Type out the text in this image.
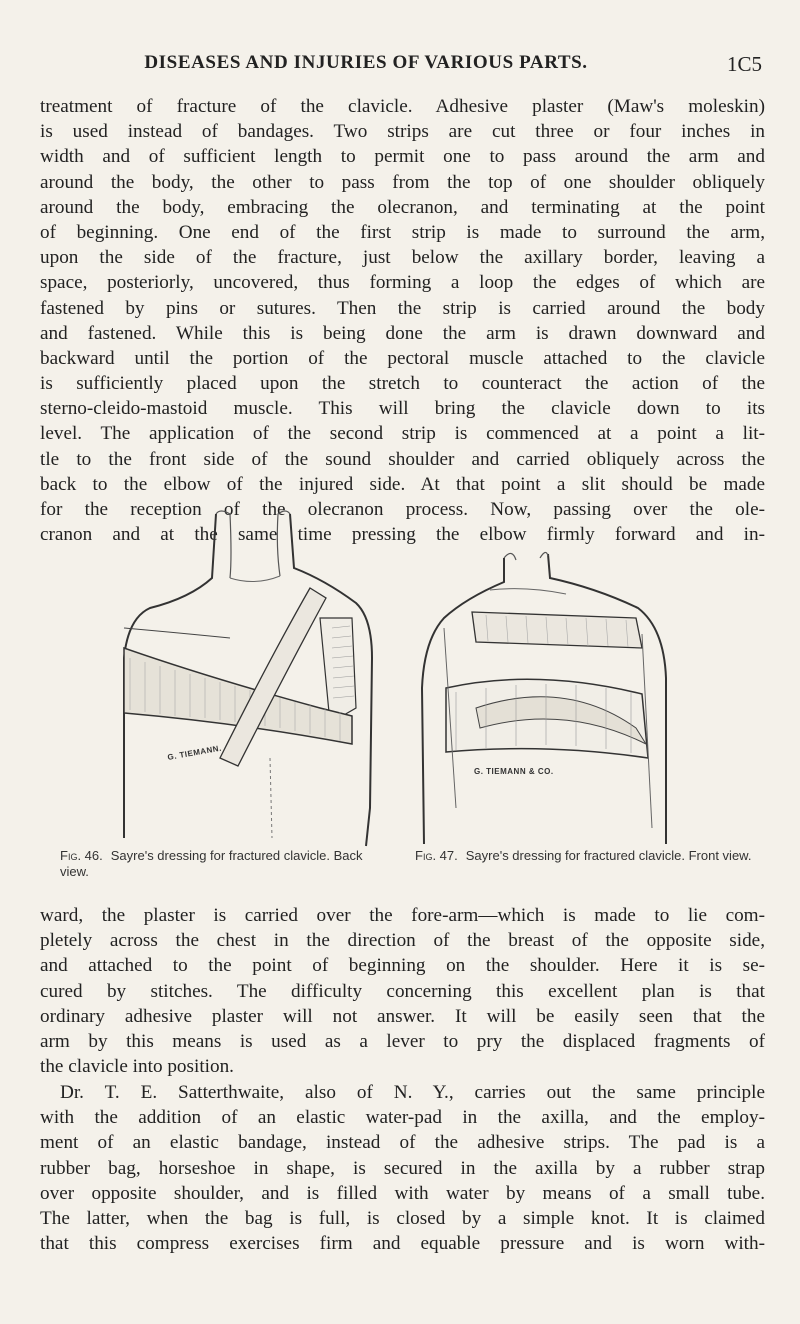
DISEASES AND INJURIES OF VARIOUS PARTS.	1C5
treatment of fracture of the clavicle. Adhesive plaster (Maw's moleskin)
is used instead of bandages. Two strips are cut three or four inches in
width and of sufficient length to permit one to pass around the arm and
around the body, the other to pass from the top of one shoulder obliquely
around the body, embracing the olecranon, and terminating at the point
of beginning. One end of the first strip is made to surround the arm,
upon the side of the fracture, just below the axillary border, leaving a
space, posteriorly, uncovered, thus forming a loop the edges of which are
fastened by pins or sutures. Then the strip is carried around the body
and fastened. While this is being done the arm is drawn downward and
backward until the portion of the pectoral muscle attached to the clavicle
is sufficiently placed upon the stretch to counteract the action of the
sterno-cleido-mastoid muscle. This will bring the clavicle down to its
level. The application of the second strip is commenced at a point a lit-
tle to the front side of the sound shoulder and carried obliquely across the
back to the elbow of the injured side. At that point a slit should be made
for the reception of the olecranon process. Now, passing over the ole-
cranon and at the same time pressing the elbow firmly forward and in-
G. TIEMANN.
G. TIEMANN & CO.

Fig. 46. Sayre's dressing for fractured clavicle. Back view.

Fig. 47. Sayre's dressing for fractured clavicle. Front view.

ward, the plaster is carried over the fore-arm—which is made to lie com-
pletely across the chest in the direction of the breast of the opposite side,
and attached to the point of beginning on the shoulder. Here it is se-
cured by stitches. The difficulty concerning this excellent plan is that
ordinary adhesive plaster will not answer. It will be easily seen that the
arm by this means is used as a lever to pry the displaced fragments of
the clavicle into position.
Dr. T. E. Satterthwaite, also of N. Y., carries out the same principle
with the addition of an elastic water-pad in the axilla, and the employ-
ment of an elastic bandage, instead of the adhesive strips. The pad is a
rubber bag, horseshoe in shape, is secured in the axilla by a rubber strap
over opposite shoulder, and is filled with water by means of a small tube.
The latter, when the bag is full, is closed by a simple knot. It is claimed
that this compress exercises firm and equable pressure and is worn with-
